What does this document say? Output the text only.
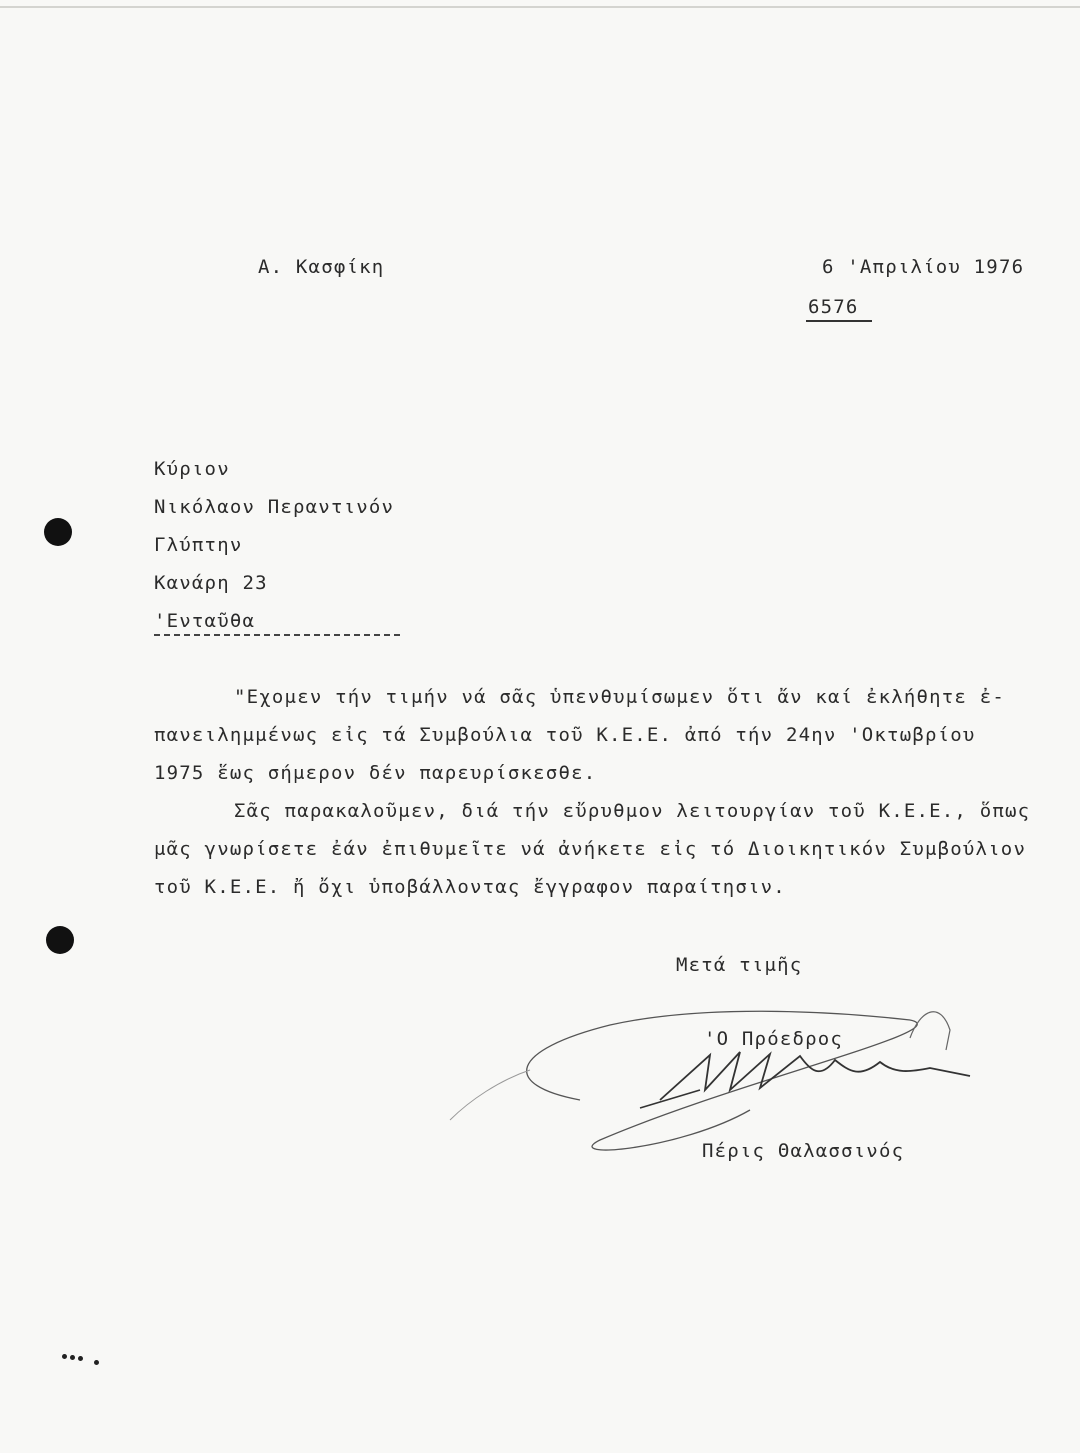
Α. Κασφίκη	6 'Απριλίου 1976
6576
Κύριον
Νικόλαον Περαντινόν
Γλύπτην
Κανάρη 23
'Ενταῦθα
"Εχομεν τήν τιμήν νά σᾶς ὑπενθυμίσωμεν ὅτι ἄν καί ἐκλήθητε ἐ-
πανειλημμένως εἰς τά Συμβούλια τοῦ Κ.Ε.Ε. ἀπό τήν 24ην 'Οκτωβρίου
1975 ἕως σήμερον δέν παρευρίσκεσθε.
Σᾶς παρακαλοῦμεν, διά τήν εὔρυθμον λειτουργίαν τοῦ Κ.Ε.Ε., ὅπως
μᾶς γνωρίσετε ἐάν ἐπιθυμεῖτε νά ἀνήκετε εἰς τό Διοικητικόν Συμβούλιον
τοῦ Κ.Ε.Ε. ἤ ὄχι ὑποβάλλοντας ἔγγραφον παραίτησιν.
Μετά τιμῆς
'Ο Πρόεδρος
Πέρις Θαλασσινός
